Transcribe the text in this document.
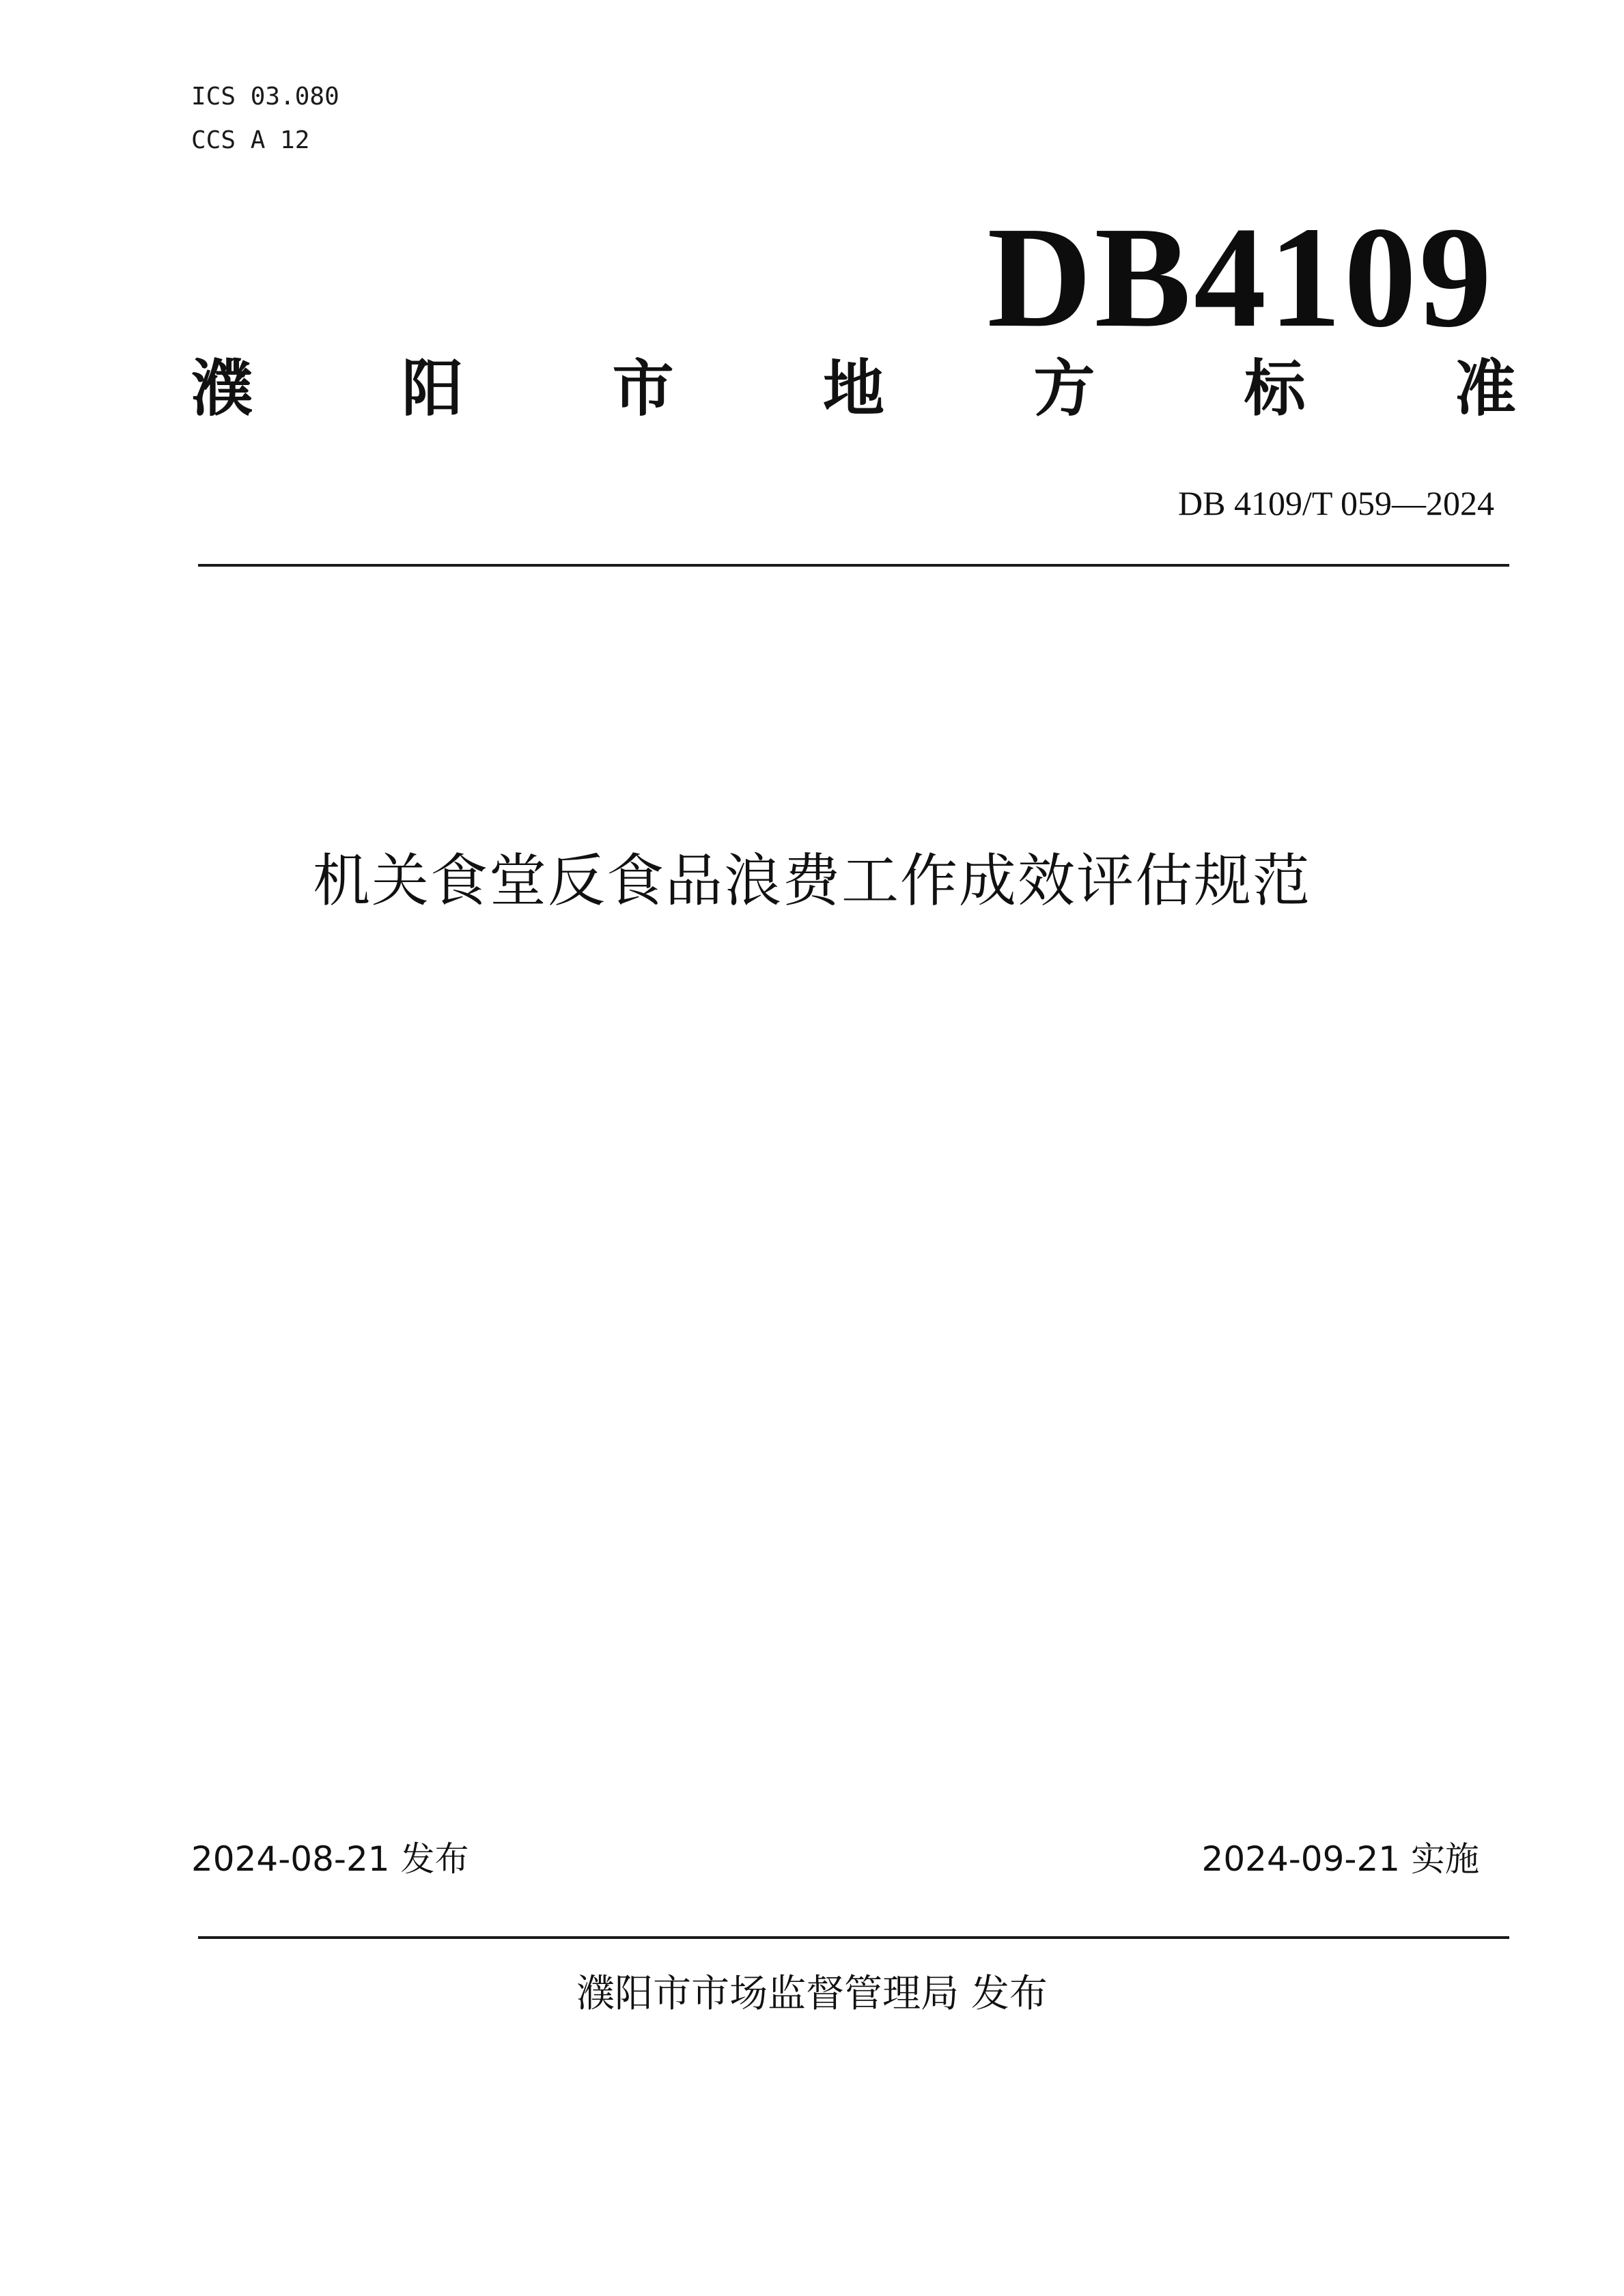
ICS 03.080
CCS A 12
DB4109
濮 阳 市 地 方 标 准
DB 4109/T 059—2024
机关食堂反食品浪费工作成效评估规范
2024-08-21 发布	2024-09-21 实施
濮阳市市场监督管理局 发布
